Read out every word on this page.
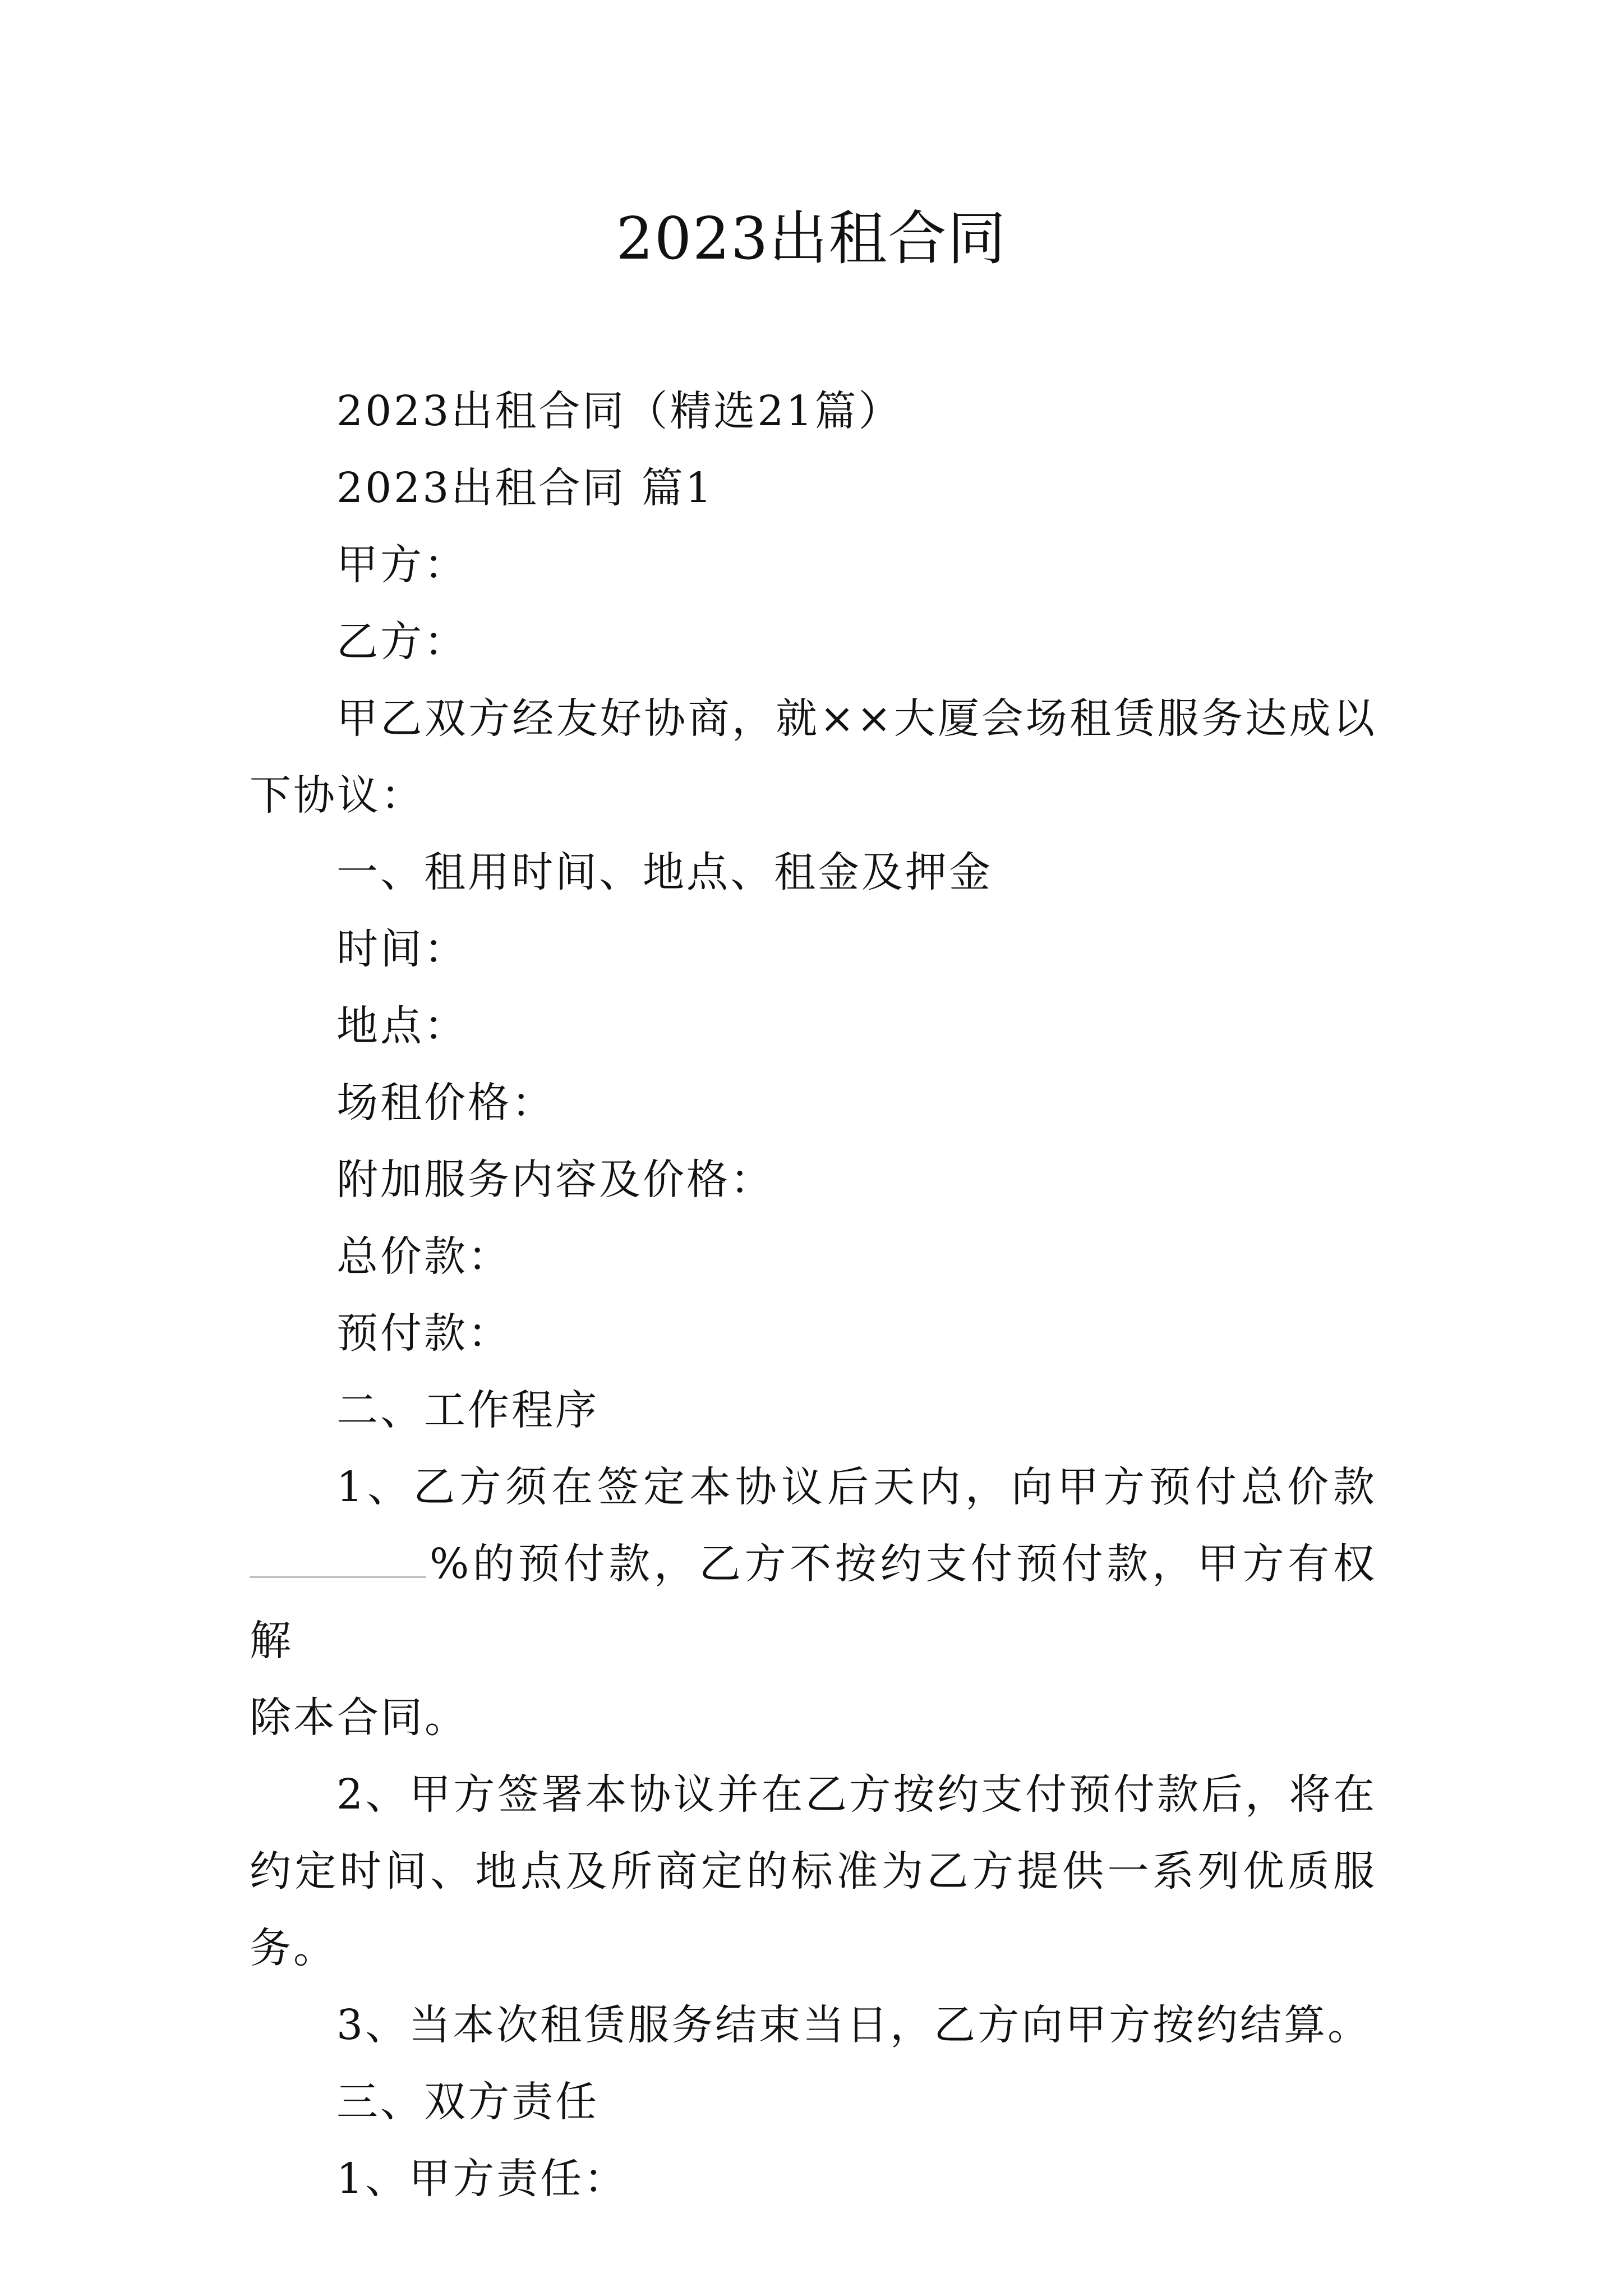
2023出租合同

2023出租合同（精选21篇）

2023出租合同 篇1

甲方：

乙方：

甲乙双方经友好协商，就××大厦会场租赁服务达成以下协议：

一、租用时间、地点、租金及押金

时间：

地点：

场租价格：

附加服务内容及价格：

总价款：

预付款：

二、工作程序

1、乙方须在签定本协议后天内，向甲方预付总价款

%的预付款，乙方不按约支付预付款，甲方有权解

除本合同。

2、甲方签署本协议并在乙方按约支付预付款后，将在约定时间、地点及所商定的标准为乙方提供一系列优质服务。

3、当本次租赁服务结束当日，乙方向甲方按约结算。

三、双方责任

1、甲方责任：
